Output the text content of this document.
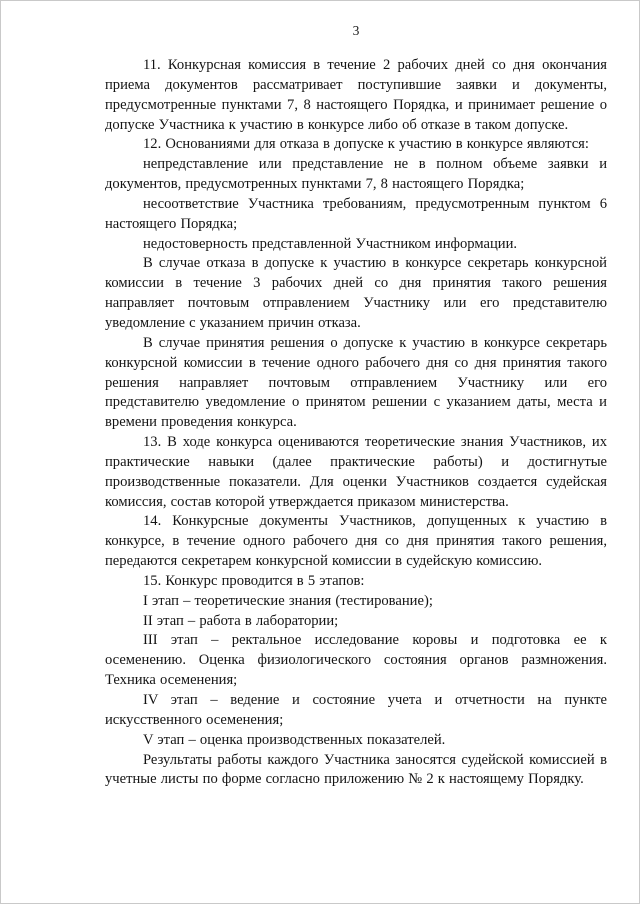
3

11. Конкурсная комиссия в течение 2 рабочих дней со дня окончания приема документов рассматривает поступившие заявки и документы, предусмотренные пунктами 7, 8 настоящего Порядка, и принимает решение о допуске Участника к участию в конкурсе либо об отказе в таком допуске.

12. Основаниями для отказа в допуске к участию в конкурсе являются:

непредставление или представление не в полном объеме заявки и документов, предусмотренных пунктами 7, 8 настоящего Порядка;

несоответствие Участника требованиям, предусмотренным пунктом 6 настоящего Порядка;

недостоверность представленной Участником информации.

В случае отказа в допуске к участию в конкурсе секретарь конкурсной комиссии в течение 3 рабочих дней со дня принятия такого решения направляет почтовым отправлением Участнику или его представителю уведомление с указанием причин отказа.

В случае принятия решения о допуске к участию в конкурсе секретарь конкурсной комиссии в течение одного рабочего дня со дня принятия такого решения направляет почтовым отправлением Участнику или его представителю уведомление о принятом решении с указанием даты, места и времени проведения конкурса.

13. В ходе конкурса оцениваются теоретические знания Участников, их практические навыки (далее практические работы) и достигнутые производственные показатели. Для оценки Участников создается судейская комиссия, состав которой утверждается приказом министерства.

14. Конкурсные документы Участников, допущенных к участию в конкурсе, в течение одного рабочего дня со дня принятия такого решения, передаются секретарем конкурсной комиссии в судейскую комиссию.

15. Конкурс проводится в 5 этапов:

I этап – теоретические знания (тестирование);

II этап – работа в лаборатории;

III этап – ректальное исследование коровы и подготовка ее к осеменению. Оценка физиологического состояния органов размножения. Техника осеменения;

IV этап – ведение и состояние учета и отчетности на пункте искусственного осеменения;

V этап – оценка производственных показателей.

Результаты работы каждого Участника заносятся судейской комиссией в учетные листы по форме согласно приложению № 2 к настоящему Порядку.
